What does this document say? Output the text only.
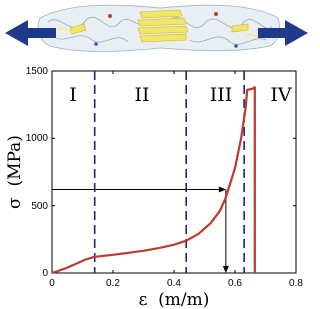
0	0.2	0.4	0.6	0.8
0
500
1000
1500
ε  (m/m)
σ  (MPa)
I	II	III IV
